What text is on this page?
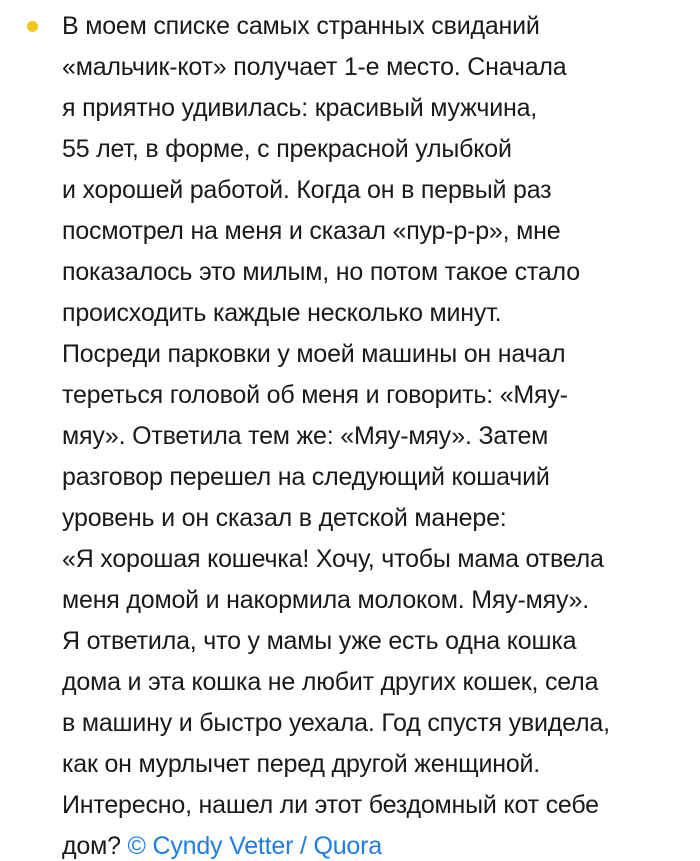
В моем списке самых странных свиданий
«мальчик-кот» получает 1-е место. Сначала
я приятно удивилась: красивый мужчина,
55 лет, в форме, с прекрасной улыбкой
и хорошей работой. Когда он в первый раз
посмотрел на меня и сказал «пур-р-р», мне
показалось это милым, но потом такое стало
происходить каждые несколько минут.
Посреди парковки у моей машины он начал
тереться головой об меня и говорить: «Мяу-
мяу». Ответила тем же: «Мяу-мяу». Затем
разговор перешел на следующий кошачий
уровень и он сказал в детской манере:
«Я хорошая кошечка! Хочу, чтобы мама отвела
меня домой и накормила молоком. Мяу-мяу».
Я ответила, что у мамы уже есть одна кошка
дома и эта кошка не любит других кошек, села
в машину и быстро уехала. Год спустя увидела,
как он мурлычет перед другой женщиной.
Интересно, нашел ли этот бездомный кот себе
дом? © Cyndy Vetter / Quora
